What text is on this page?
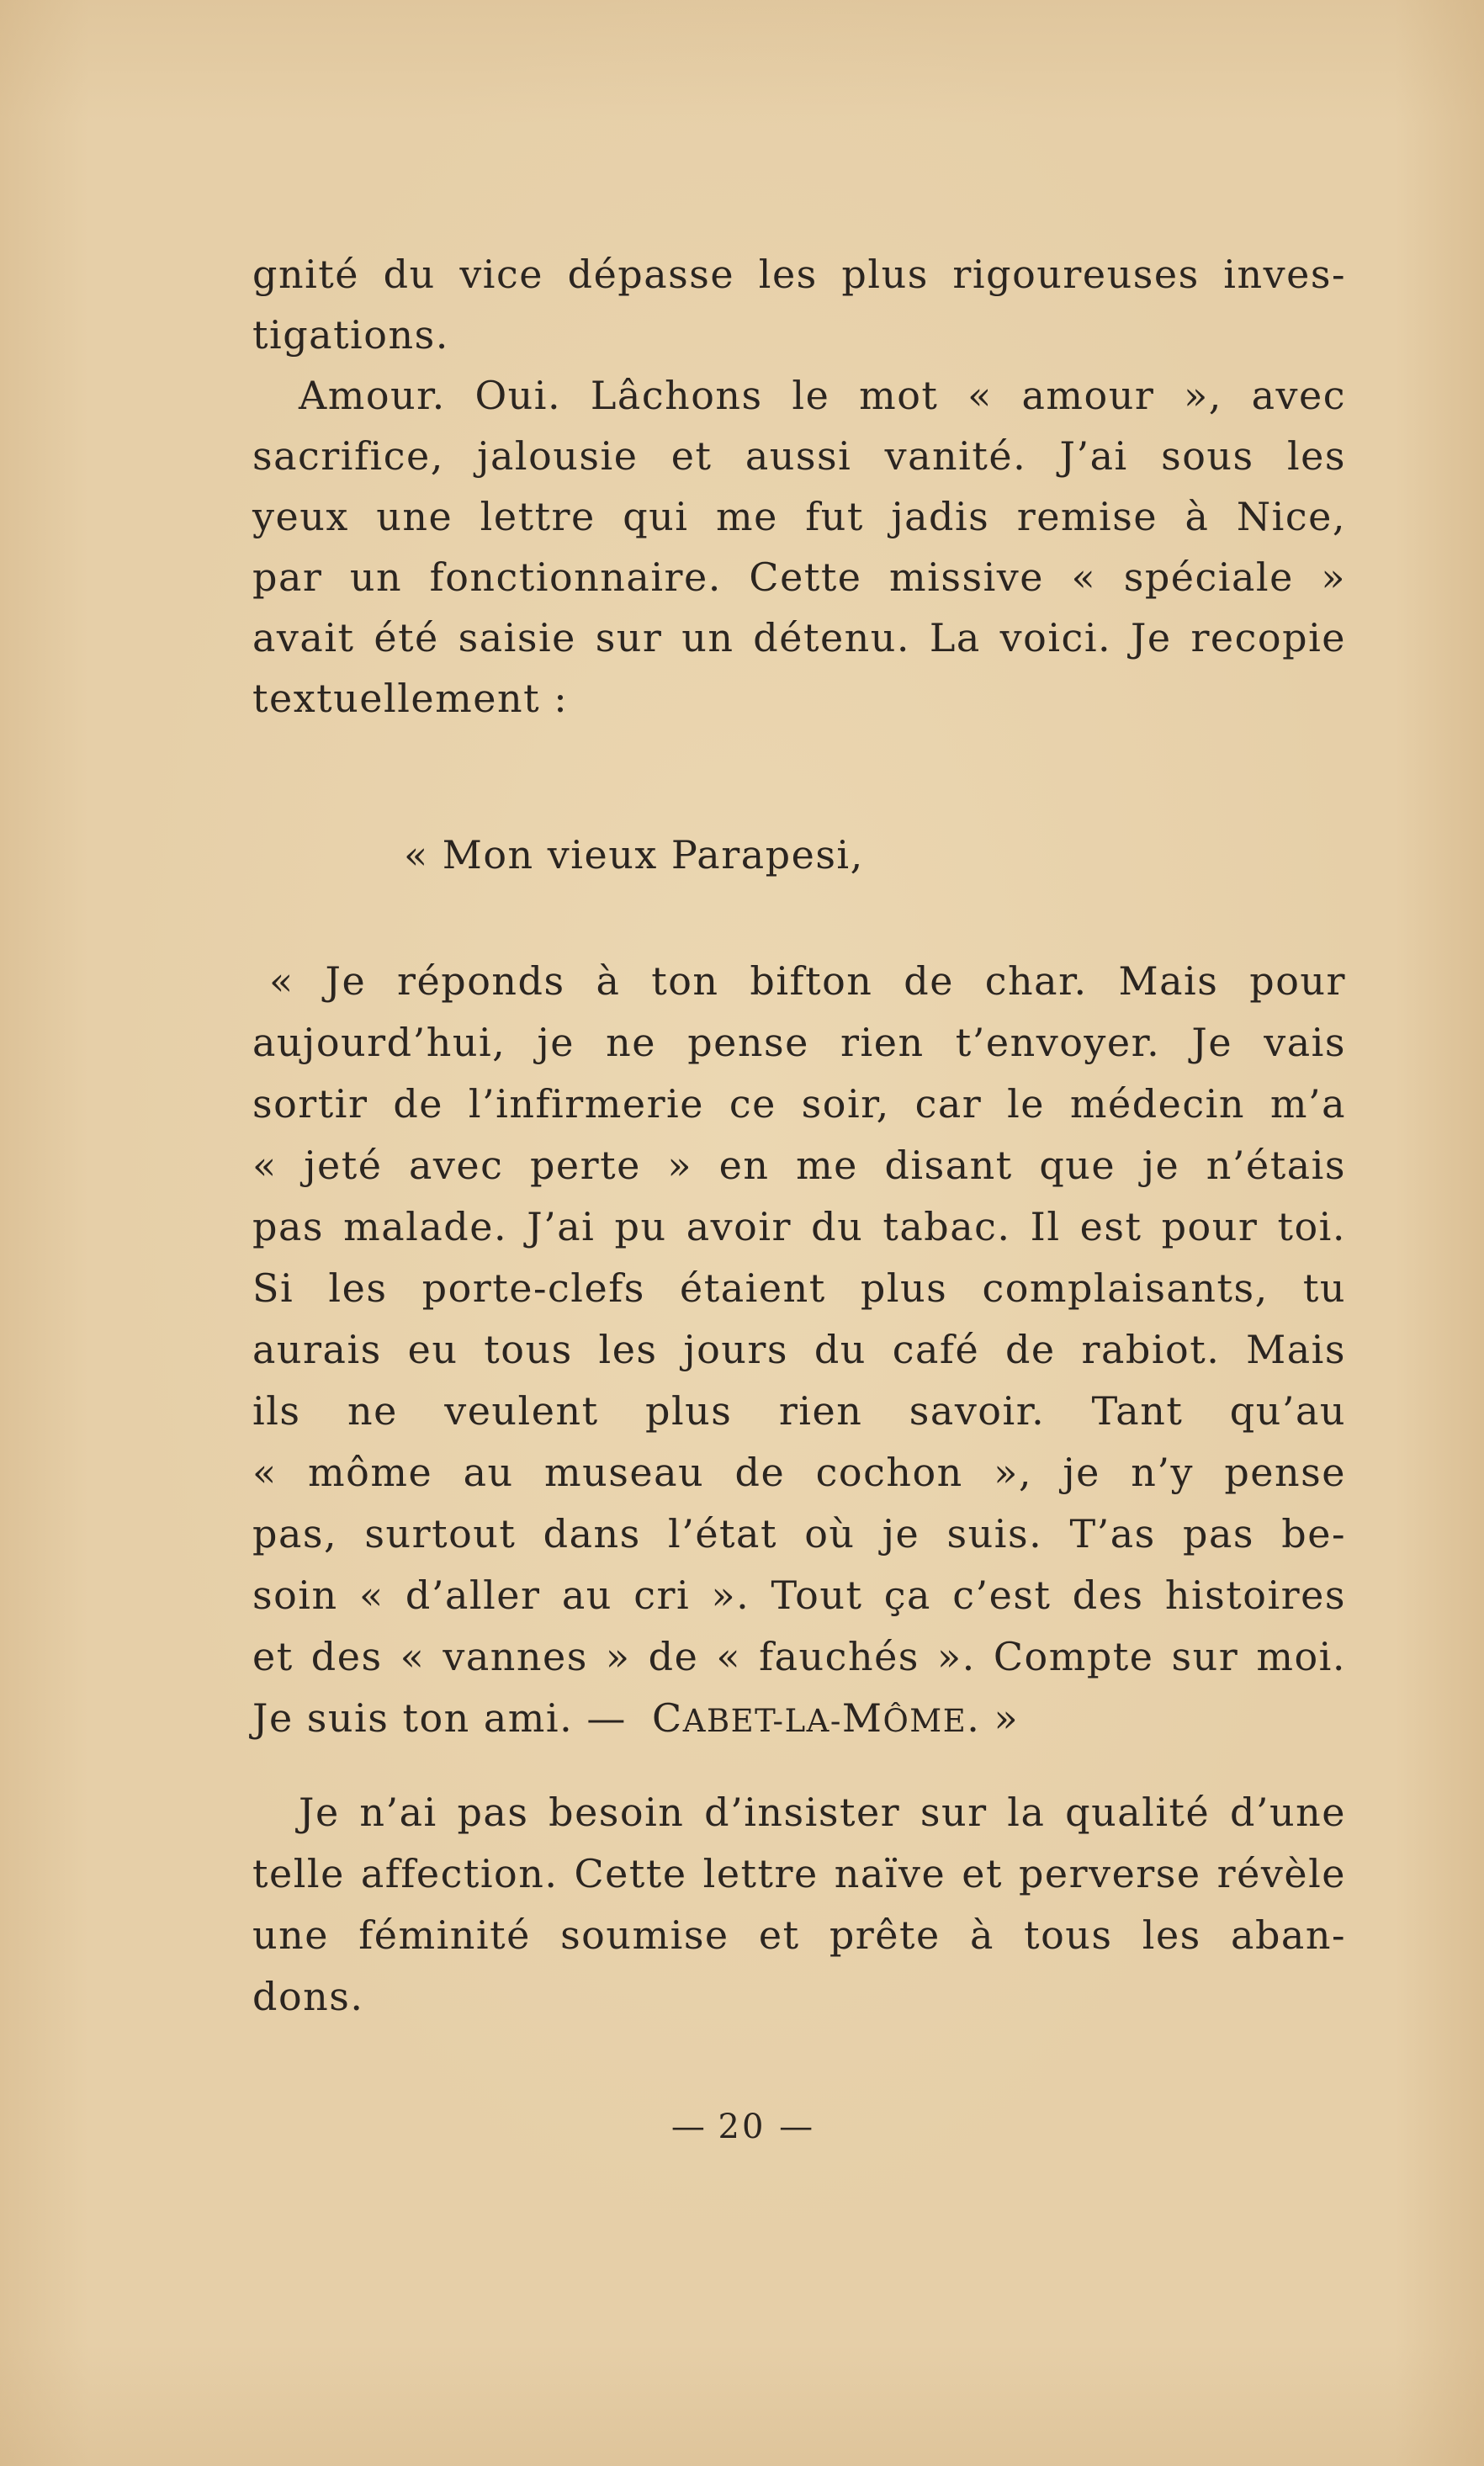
gnité du vice dépasse les plus rigoureuses inves-
tigations.
Amour. Oui. Lâchons le mot « amour », avec
sacrifice, jalousie et aussi vanité. J’ai sous les
yeux une lettre qui me fut jadis remise à Nice,
par un fonctionnaire. Cette missive « spéciale »
avait été saisie sur un détenu. La voici. Je recopie
textuellement :
« Mon vieux Parapesi,
« Je réponds à ton bifton de char. Mais pour
aujourd’hui, je ne pense rien t’envoyer. Je vais
sortir de l’infirmerie ce soir, car le médecin m’a
« jeté avec perte » en me disant que je n’étais
pas malade. J’ai pu avoir du tabac. Il est pour toi.
Si les porte-clefs étaient plus complaisants, tu
aurais eu tous les jours du café de rabiot. Mais
ils ne veulent plus rien savoir. Tant qu’au
« môme au museau de cochon », je n’y pense
pas, surtout dans l’état où je suis. T’as pas be-
soin « d’aller au cri ». Tout ça c’est des histoires
et des « vannes » de « fauchés ». Compte sur moi.
Je suis ton ami. — CABET-LA-MÔME. »
Je n’ai pas besoin d’insister sur la qualité d’une
telle affection. Cette lettre naïve et perverse révèle
une féminité soumise et prête à tous les aban-
dons.
— 20 —
